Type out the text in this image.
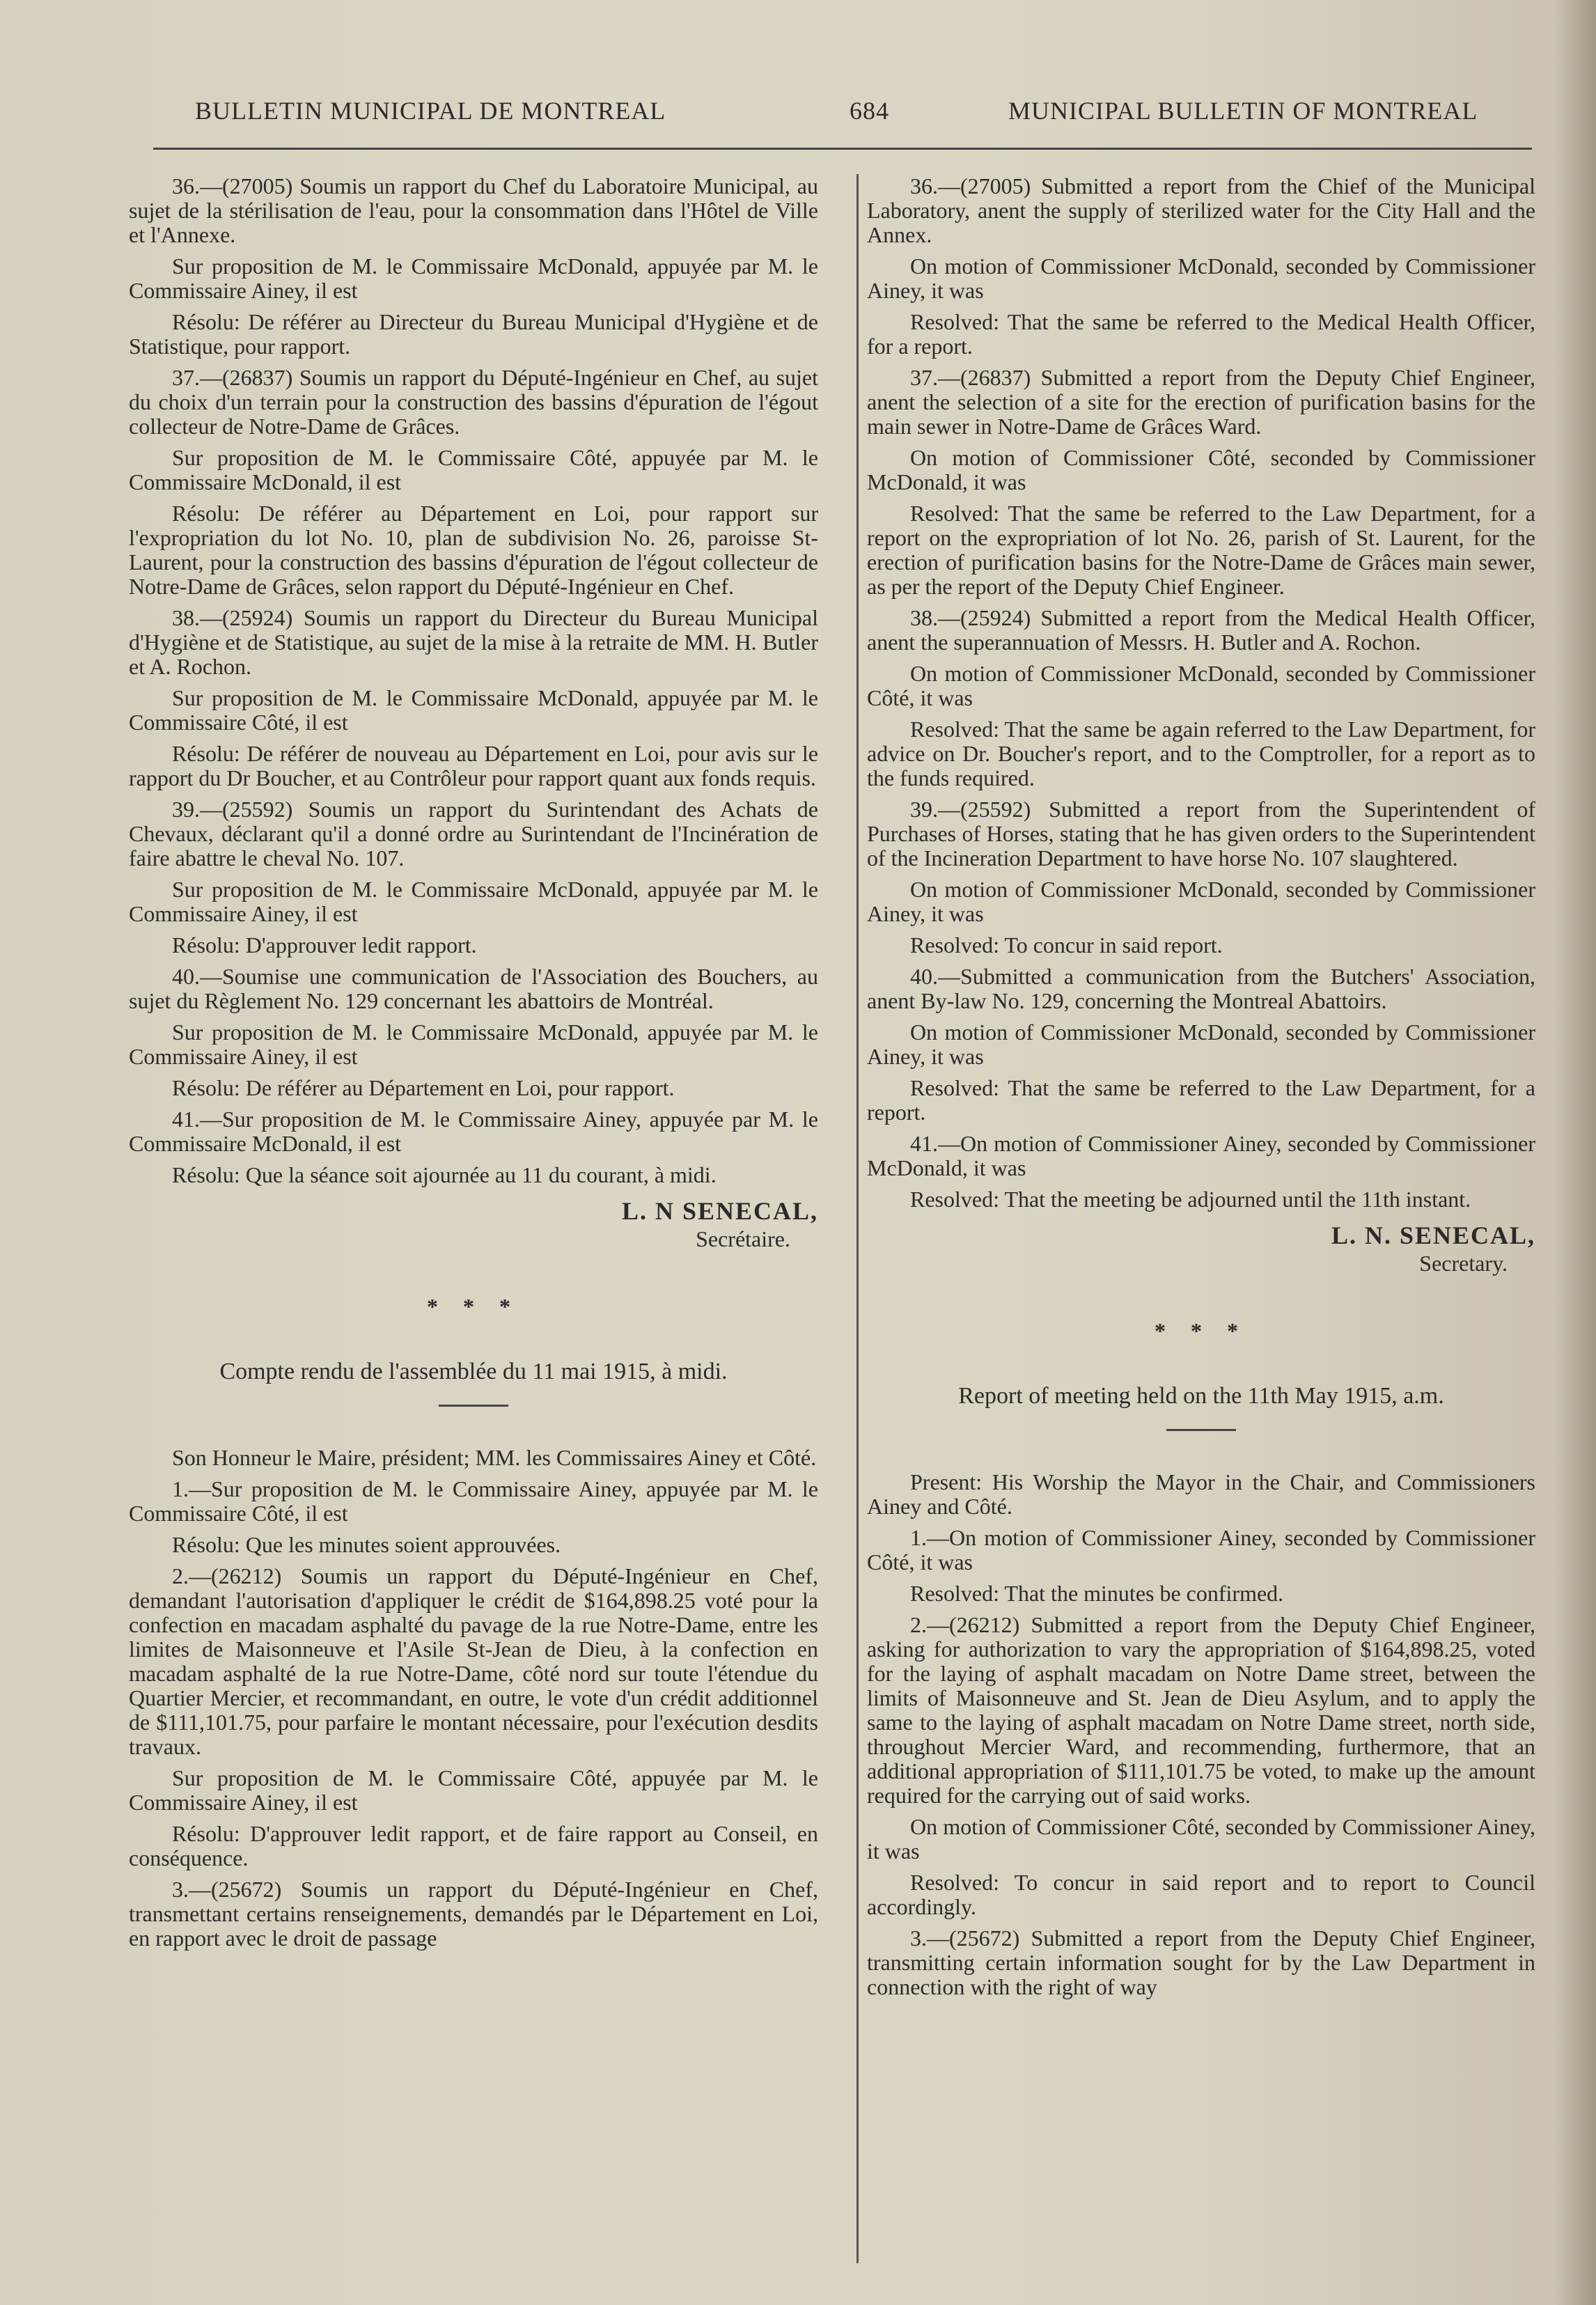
BULLETIN MUNICIPAL DE MONTREAL	684	MUNICIPAL BULLETIN OF MONTREAL

36.—(27005) Soumis un rapport du Chef du Laboratoire Municipal, au sujet de la stérilisation de l'eau, pour la consommation dans l'Hôtel de Ville et l'Annexe.

Sur proposition de M. le Commissaire McDonald, appuyée par M. le Commissaire Ainey, il est

Résolu: De référer au Directeur du Bureau Municipal d'Hygiène et de Statistique, pour rapport.

37.—(26837) Soumis un rapport du Député-Ingénieur en Chef, au sujet du choix d'un terrain pour la construction des bassins d'épuration de l'égout collecteur de Notre-Dame de Grâces.

Sur proposition de M. le Commissaire Côté, appuyée par M. le Commissaire McDonald, il est

Résolu: De référer au Département en Loi, pour rapport sur l'expropriation du lot No. 10, plan de subdivision No. 26, paroisse St-Laurent, pour la construction des bassins d'épuration de l'égout collecteur de Notre-Dame de Grâces, selon rapport du Député-Ingénieur en Chef.

38.—(25924) Soumis un rapport du Directeur du Bureau Municipal d'Hygiène et de Statistique, au sujet de la mise à la retraite de MM. H. Butler et A. Rochon.

Sur proposition de M. le Commissaire McDonald, appuyée par M. le Commissaire Côté, il est

Résolu: De référer de nouveau au Département en Loi, pour avis sur le rapport du Dr Boucher, et au Contrôleur pour rapport quant aux fonds requis.

39.—(25592) Soumis un rapport du Surintendant des Achats de Chevaux, déclarant qu'il a donné ordre au Surintendant de l'Incinération de faire abattre le cheval No. 107.

Sur proposition de M. le Commissaire McDonald, appuyée par M. le Commissaire Ainey, il est

Résolu: D'approuver ledit rapport.

40.—Soumise une communication de l'Association des Bouchers, au sujet du Règlement No. 129 concernant les abattoirs de Montréal.

Sur proposition de M. le Commissaire McDonald, appuyée par M. le Commissaire Ainey, il est

Résolu: De référer au Département en Loi, pour rapport.

41.—Sur proposition de M. le Commissaire Ainey, appuyée par M. le Commissaire McDonald, il est

Résolu: Que la séance soit ajournée au 11 du courant, à midi.

L. N SENECAL,
Secrétaire.
* * *
Compte rendu de l'assemblée du 11 mai 1915, à midi.

Son Honneur le Maire, président; MM. les Commissaires Ainey et Côté.

1.—Sur proposition de M. le Commissaire Ainey, appuyée par M. le Commissaire Côté, il est

Résolu: Que les minutes soient approuvées.

2.—(26212) Soumis un rapport du Député-Ingénieur en Chef, demandant l'autorisation d'appliquer le crédit de $164,898.25 voté pour la confection en macadam asphalté du pavage de la rue Notre-Dame, entre les limites de Maisonneuve et l'Asile St-Jean de Dieu, à la confection en macadam asphalté de la rue Notre-Dame, côté nord sur toute l'étendue du Quartier Mercier, et recommandant, en outre, le vote d'un crédit additionnel de $111,101.75, pour parfaire le montant nécessaire, pour l'exécution desdits travaux.

Sur proposition de M. le Commissaire Côté, appuyée par M. le Commissaire Ainey, il est

Résolu: D'approuver ledit rapport, et de faire rapport au Conseil, en conséquence.

3.—(25672) Soumis un rapport du Député-Ingénieur en Chef, transmettant certains renseignements, demandés par le Département en Loi, en rapport avec le droit de passage

36.—(27005) Submitted a report from the Chief of the Municipal Laboratory, anent the supply of sterilized water for the City Hall and the Annex.

On motion of Commissioner McDonald, seconded by Commissioner Ainey, it was

Resolved: That the same be referred to the Medical Health Officer, for a report.

37.—(26837) Submitted a report from the Deputy Chief Engineer, anent the selection of a site for the erection of purification basins for the main sewer in Notre-Dame de Grâces Ward.

On motion of Commissioner Côté, seconded by Commissioner McDonald, it was

Resolved: That the same be referred to the Law Department, for a report on the expropriation of lot No. 26, parish of St. Laurent, for the erection of purification basins for the Notre-Dame de Grâces main sewer, as per the report of the Deputy Chief Engineer.

38.—(25924) Submitted a report from the Medical Health Officer, anent the superannuation of Messrs. H. Butler and A. Rochon.

On motion of Commissioner McDonald, seconded by Commissioner Côté, it was

Resolved: That the same be again referred to the Law Department, for advice on Dr. Boucher's report, and to the Comptroller, for a report as to the funds required.

39.—(25592) Submitted a report from the Superintendent of Purchases of Horses, stating that he has given orders to the Superintendent of the Incineration Department to have horse No. 107 slaughtered.

On motion of Commissioner McDonald, seconded by Commissioner Ainey, it was

Resolved: To concur in said report.

40.—Submitted a communication from the Butchers' Association, anent By-law No. 129, concerning the Montreal Abattoirs.

On motion of Commissioner McDonald, seconded by Commissioner Ainey, it was

Resolved: That the same be referred to the Law Department, for a report.

41.—On motion of Commissioner Ainey, seconded by Commissioner McDonald, it was

Resolved: That the meeting be adjourned until the 11th instant.

L. N. SENECAL,
Secretary.
* * *
Report of meeting held on the 11th May 1915, a.m.

Present: His Worship the Mayor in the Chair, and Commissioners Ainey and Côté.

1.—On motion of Commissioner Ainey, seconded by Commissioner Côté, it was

Resolved: That the minutes be confirmed.

2.—(26212) Submitted a report from the Deputy Chief Engineer, asking for authorization to vary the appropriation of $164,898.25, voted for the laying of asphalt macadam on Notre Dame street, between the limits of Maisonneuve and St. Jean de Dieu Asylum, and to apply the same to the laying of asphalt macadam on Notre Dame street, north side, throughout Mercier Ward, and recommending, furthermore, that an additional appropriation of $111,101.75 be voted, to make up the amount required for the carrying out of said works.

On motion of Commissioner Côté, seconded by Commissioner Ainey, it was

Resolved: To concur in said report and to report to Council accordingly.

3.—(25672) Submitted a report from the Deputy Chief Engineer, transmitting certain information sought for by the Law Department in connection with the right of way
